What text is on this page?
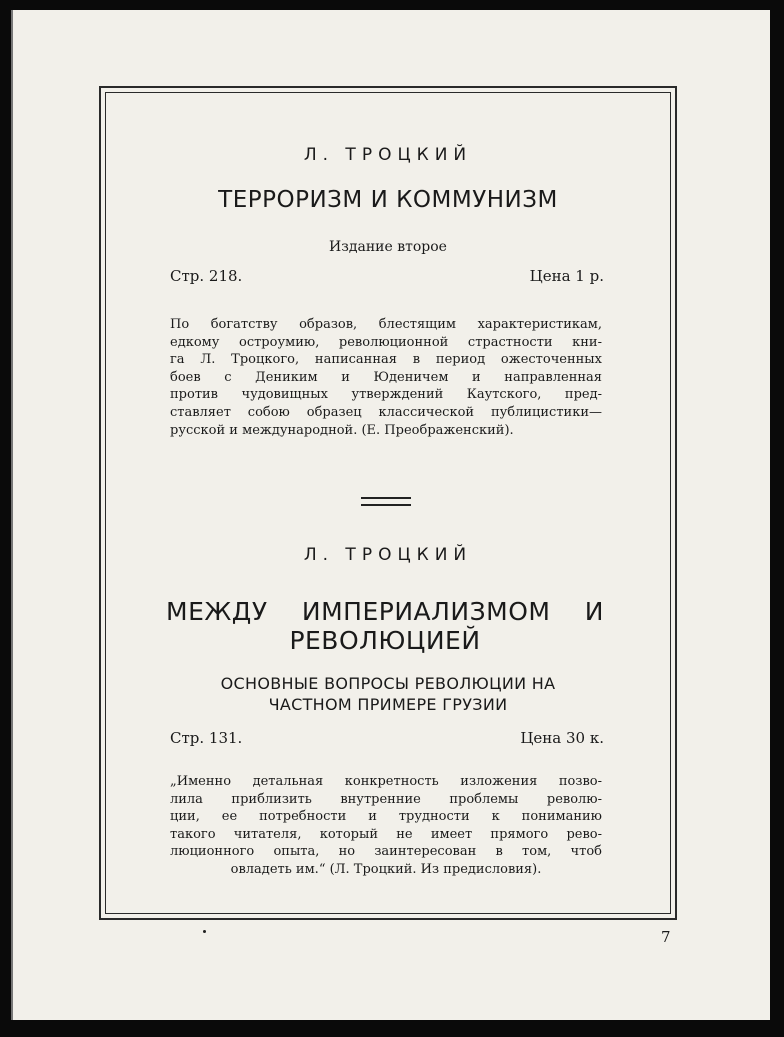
Л. ТРОЦКИЙ
ТЕРРОРИЗМ И КОММУНИЗМ
Издание второе
Стр. 218.	Цена 1 р.
По богатству образов, блестящим характеристикам,
едкому остроумию, революционной страстности кни-
га Л. Троцкого, написанная в период ожесточенных
боев с Дениким и Юденичем и направленная
против чудовищных утверждений Каутского, пред-
ставляет собою образец классической публицистики—
русской и международной. (Е. Преображенский).
Л. ТРОЦКИЙ
МЕЖДУ ИМПЕРИАЛИЗМОМ И
РЕВОЛЮЦИЕЙ
ОСНОВНЫЕ ВОПРОСЫ РЕВОЛЮЦИИ НА
ЧАСТНОМ ПРИМЕРЕ ГРУЗИИ
Стр. 131.	Цена 30 к.
„Именно детальная конкретность изложения позво-
лила приблизить внутренние проблемы револю-
ции, ее потребности и трудности к пониманию
такого читателя, который не имеет прямого рево-
люционного опыта, но заинтересован в том, чтоб
овладеть им.“ (Л. Троцкий. Из предисловия).
7
